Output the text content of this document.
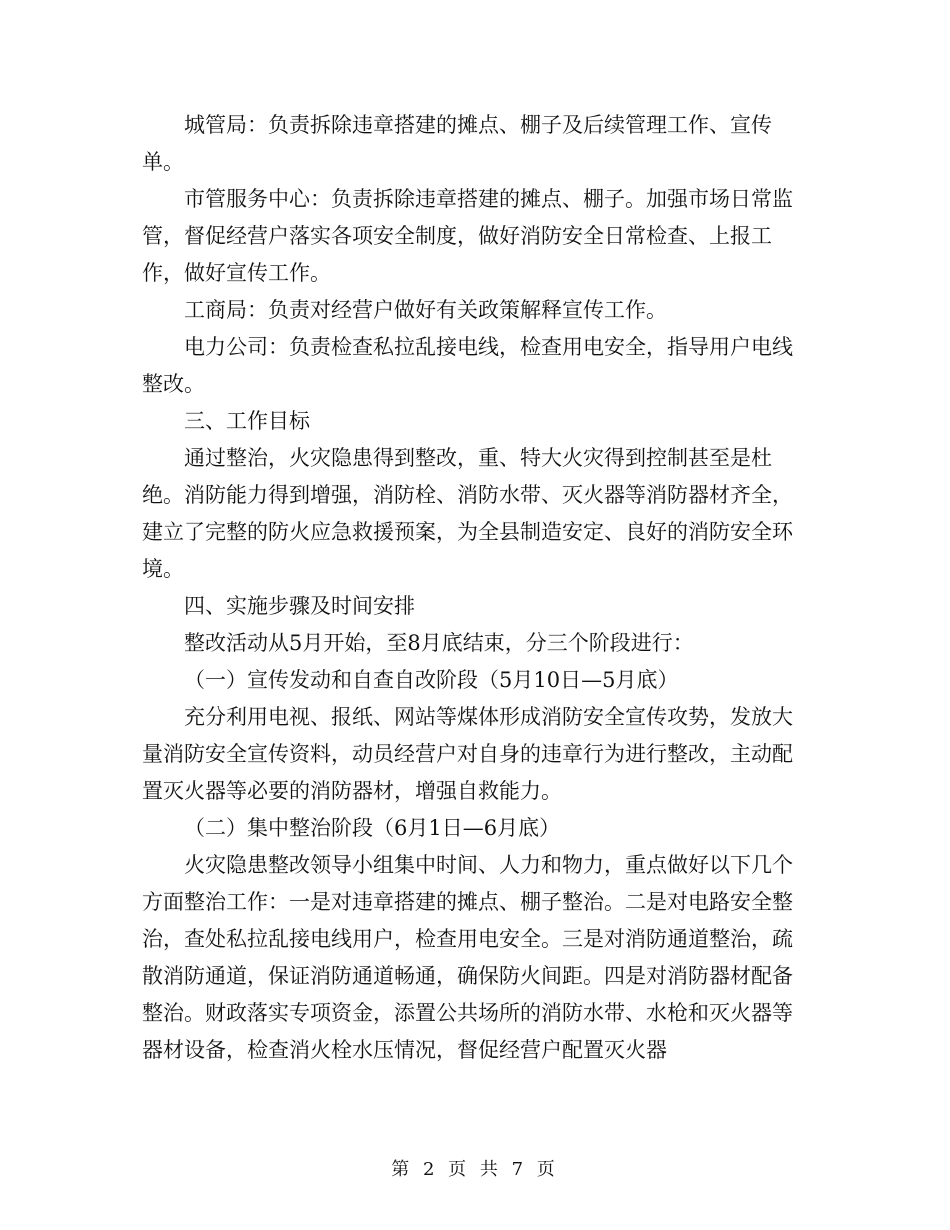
城管局：负责拆除违章搭建的摊点、棚子及后续管理工作、宣传单。

市管服务中心：负责拆除违章搭建的摊点、棚子。加强市场日常监管，督促经营户落实各项安全制度，做好消防安全日常检查、上报工作，做好宣传工作。

工商局：负责对经营户做好有关政策解释宣传工作。

电力公司：负责检查私拉乱接电线，检查用电安全，指导用户电线整改。

三、工作目标

通过整治，火灾隐患得到整改，重、特大火灾得到控制甚至是杜绝。消防能力得到增强，消防栓、消防水带、灭火器等消防器材齐全，建立了完整的防火应急救援预案，为全县制造安定、良好的消防安全环境。

四、实施步骤及时间安排

整改活动从5月开始，至8月底结束，分三个阶段进行：

（一）宣传发动和自查自改阶段（5月10日—5月底）

充分利用电视、报纸、网站等煤体形成消防安全宣传攻势，发放大量消防安全宣传资料，动员经营户对自身的违章行为进行整改，主动配置灭火器等必要的消防器材，增强自救能力。

（二）集中整治阶段（6月1日—6月底）

火灾隐患整改领导小组集中时间、人力和物力，重点做好以下几个方面整治工作：一是对违章搭建的摊点、棚子整治。二是对电路安全整治，查处私拉乱接电线用户，检查用电安全。三是对消防通道整治，疏散消防通道，保证消防通道畅通，确保防火间距。四是对消防器材配备整治。财政落实专项资金，添置公共场所的消防水带、水枪和灭火器等器材设备，检查消火栓水压情况，督促经营户配置灭火器

第 2 页 共 7 页
